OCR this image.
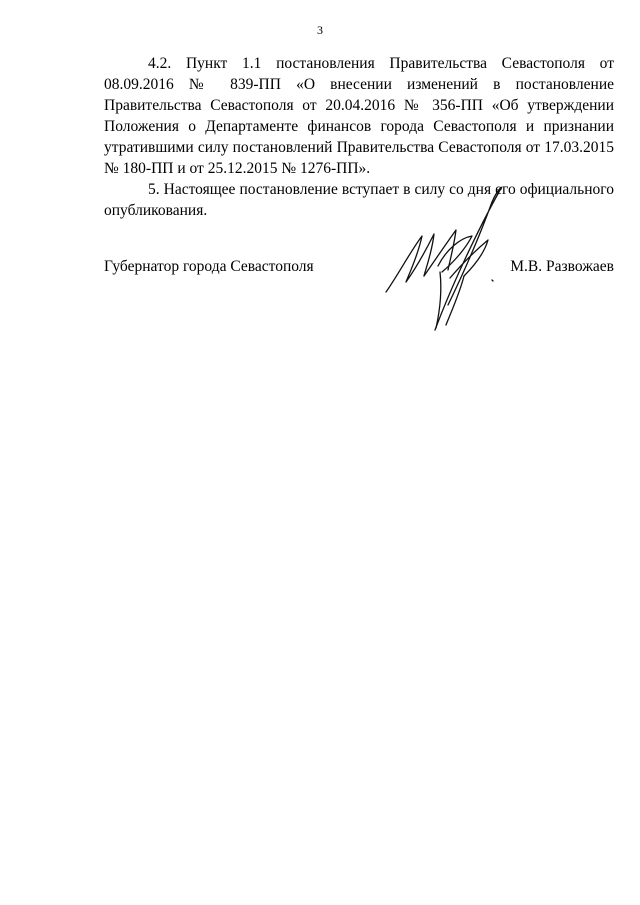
3

4.2. Пункт 1.1 постановления Правительства Севастополя от 08.09.2016 № 839-ПП «О внесении изменений в постановление Правительства Севастополя от 20.04.2016 № 356-ПП «Об утверждении Положения о Департаменте финансов города Севастополя и признании утратившими силу постановлений Правительства Севастополя от 17.03.2015 № 180-ПП и от 25.12.2015 № 1276-ПП».

5. Настоящее постановление вступает в силу со дня его официального опубликования.

Губернатор города Севастополя	М.В. Развожаев
